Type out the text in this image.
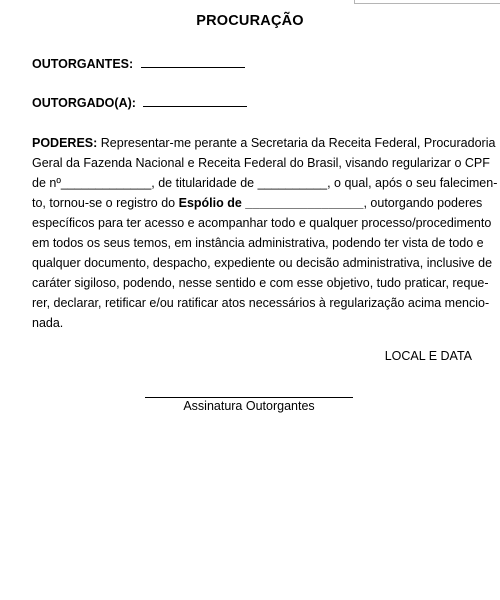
PROCURAÇÃO
OUTORGANTES:
OUTORGADO(A):
PODERES: Representar-me perante a Secretaria da Receita Federal, Procuradoria
Geral da Fazenda Nacional e Receita Federal do Brasil, visando regularizar o CPF
de nº_____________, de titularidade de __________, o qual, após o seu falecimen-
to, tornou-se o registro do Espólio de _________________, outorgando poderes
específicos para ter acesso e acompanhar todo e qualquer processo/procedimento
em todos os seus temos, em instância administrativa, podendo ter vista de todo e
qualquer documento, despacho, expediente ou decisão administrativa, inclusive de
caráter sigiloso, podendo, nesse sentido e com esse objetivo, tudo praticar, reque-
rer, declarar, retificar e/ou ratificar atos necessários à regularização acima mencio-
nada.
LOCAL E DATA
Assinatura Outorgantes
